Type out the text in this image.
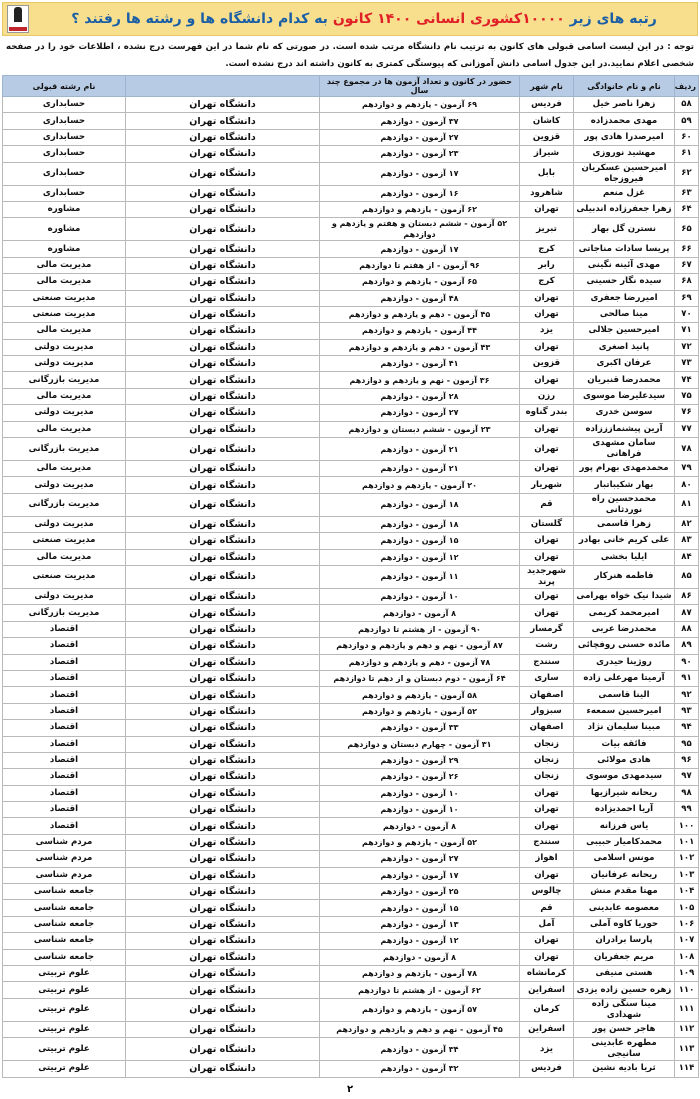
رتبه های زیر ۱۰۰۰۰کشوری انسانی ۱۴۰۰ کانون به کدام دانشگاه ها و رشته ها رفتند ؟
توجه : در این لیست اسامی قبولی های کانون به ترتیب نام دانشگاه مرتب شده است. در صورتی که نام شما در این فهرست درج نشده ، اطلاعات خود را در صفحه شخصی اعلام نمایید.در این جدول اسامی دانش آموزانی که پیوستگی کمتری به کانون داشته اند درج نشده است.
ردیف	نام و نام خانوادگی	نام شهر	حضور در کانون و تعداد آزمون ها در مجموع چند سال		نام رشته قبولی
۵۸	زهرا ناصر خیل	فردیس	۶۹ آزمون - یازدهم و دوازدهم	دانشگاه تهران	حسابداری
۵۹	مهدی محمدزاده	کاشان	۳۷ آزمون - دوازدهم	دانشگاه تهران	حسابداری
۶۰	امیرصدرا هادی پور	قزوین	۲۷ آزمون - دوازدهم	دانشگاه تهران	حسابداری
۶۱	مهشید نوروزی	شیراز	۲۳ آزمون - دوازدهم	دانشگاه تهران	حسابداری
۶۲	امیرحسین عسکریان فیروزجاه	بابل	۱۷ آزمون - دوازدهم	دانشگاه تهران	حسابداری
۶۳	غزل منعم	شاهرود	۱۶ آزمون - دوازدهم	دانشگاه تهران	حسابداری
۶۴	زهرا جعفرزاده اندبیلی	تهران	۶۲ آزمون - یازدهم و دوازدهم	دانشگاه تهران	مشاوره
۶۵	نسترن گل بهار	تبریز	۵۲ آزمون - ششم دبستان و هفتم و یازدهم و دوازدهم	دانشگاه تهران	مشاوره
۶۶	پریسا سادات مناجاتی	کرج	۱۷ آزمون - دوازدهم	دانشگاه تهران	مشاوره
۶۷	مهدی آئینه نگینی	رابر	۹۶ آزمون - از هفتم تا دوازدهم	دانشگاه تهران	مدیریت مالی
۶۸	سیده نگار حسینی	کرج	۶۵ آزمون - یازدهم و دوازدهم	دانشگاه تهران	مدیریت مالی
۶۹	امیررضا جعفری	تهران	۴۸ آزمون - دوازدهم	دانشگاه تهران	مدیریت صنعتی
۷۰	مینا صالحی	تهران	۴۵ آزمون - دهم و یازدهم و دوازدهم	دانشگاه تهران	مدیریت صنعتی
۷۱	امیرحسین جلالی	یزد	۴۴ آزمون - یازدهم و دوازدهم	دانشگاه تهران	مدیریت مالی
۷۲	پانیذ اصغری	تهران	۴۳ آزمون - دهم و یازدهم و دوازدهم	دانشگاه تهران	مدیریت دولتی
۷۳	عرفان اکبری	قزوین	۴۱ آزمون - دوازدهم	دانشگاه تهران	مدیریت دولتی
۷۴	محمدرضا قنبریان	تهران	۳۶ آزمون - نهم و یازدهم و دوازدهم	دانشگاه تهران	مدیریت بازرگانی
۷۵	سیدعلیرضا موسوی	رزن	۲۸ آزمون - دوازدهم	دانشگاه تهران	مدیریت مالی
۷۶	سوسن خدری	بندر گناوه	۲۷ آزمون - دوازدهم	دانشگاه تهران	مدیریت دولتی
۷۷	آرین پیشنمازززاده	تهران	۲۳ آزمون - ششم دبستان و دوازدهم	دانشگاه تهران	مدیریت مالی
۷۸	سامان مشهدی فراهانی	تهران	۲۱ آزمون - دوازدهم	دانشگاه تهران	مدیریت بازرگانی
۷۹	محمدمهدی بهرام پور	تهران	۲۱ آزمون - دوازدهم	دانشگاه تهران	مدیریت مالی
۸۰	بهار شکیباتبار	شهریار	۲۰ آزمون - یازدهم و دوازدهم	دانشگاه تهران	مدیریت دولتی
۸۱	محمدحسین راه نوردثانی	قم	۱۸ آزمون - دوازدهم	دانشگاه تهران	مدیریت بازرگانی
۸۲	زهرا قاسمی	گلستان	۱۸ آزمون - دوازدهم	دانشگاه تهران	مدیریت دولتی
۸۳	علی کریم خانی بهادر	تهران	۱۵ آزمون - دوازدهم	دانشگاه تهران	مدیریت صنعتی
۸۴	ایلیا بخشی	تهران	۱۲ آزمون - دوازدهم	دانشگاه تهران	مدیریت مالی
۸۵	فاطمه هنرکار	شهرجدید پرند	۱۱ آزمون - دوازدهم	دانشگاه تهران	مدیریت صنعتی
۸۶	شیدا نیک خواه بهرامی	تهران	۱۰ آزمون - دوازدهم	دانشگاه تهران	مدیریت دولتی
۸۷	امیرمحمد کریمی	تهران	۸ آزمون - دوازدهم	دانشگاه تهران	مدیریت بازرگانی
۸۸	محمدرضا عربی	گرمسار	۹۰ آزمون - از هشتم تا دوازدهم	دانشگاه تهران	اقتصاد
۸۹	مائده حسنی روفچائی	رشت	۸۷ آزمون - نهم و دهم و یازدهم و دوازدهم	دانشگاه تهران	اقتصاد
۹۰	روژینا حیدری	سنندج	۷۸ آزمون - دهم و یازدهم و دوازدهم	دانشگاه تهران	اقتصاد
۹۱	آرمیتا مهرعلی زاده	ساری	۶۴ آزمون - دوم دبستان و از دهم تا دوازدهم	دانشگاه تهران	اقتصاد
۹۲	الینا قاسمی	اصفهان	۵۸ آزمون - یازدهم و دوازدهم	دانشگاه تهران	اقتصاد
۹۳	امیرحسین سمعه‌ء	سبزوار	۵۲ آزمون - یازدهم و دوازدهم	دانشگاه تهران	اقتصاد
۹۴	مبینا سلیمان نژاد	اصفهان	۳۳ آزمون - دوازدهم	دانشگاه تهران	اقتصاد
۹۵	فائقه بیات	زنجان	۳۱ آزمون - چهارم دبستان و دوازدهم	دانشگاه تهران	اقتصاد
۹۶	هادی مولائی	زنجان	۲۹ آزمون - دوازدهم	دانشگاه تهران	اقتصاد
۹۷	سیدمهدی موسوی	زنجان	۲۶ آزمون - دوازدهم	دانشگاه تهران	اقتصاد
۹۸	ریحانه شیرازیها	تهران	۱۰ آزمون - دوازدهم	دانشگاه تهران	اقتصاد
۹۹	آریا احمدیزاده	تهران	۱۰ آزمون - دوازدهم	دانشگاه تهران	اقتصاد
۱۰۰	یاس فرزانه	تهران	۸ آزمون - دوازدهم	دانشگاه تهران	اقتصاد
۱۰۱	محمدکامیار حبیبی	سنندج	۵۲ آزمون - یازدهم و دوازدهم	دانشگاه تهران	مردم شناسی
۱۰۲	مونس اسلامی	اهواز	۲۷ آزمون - دوازدهم	دانشگاه تهران	مردم شناسی
۱۰۳	ریحانه عرفانیان	تهران	۱۷ آزمون - دوازدهم	دانشگاه تهران	مردم شناسی
۱۰۴	مهتا مقدم منش	چالوس	۲۵ آزمون - دوازدهم	دانشگاه تهران	جامعه شناسی
۱۰۵	معصومه عابدینی	قم	۱۵ آزمون - دوازدهم	دانشگاه تهران	جامعه شناسی
۱۰۶	حوریا کاوه آملی	آمل	۱۳ آزمون - دوازدهم	دانشگاه تهران	جامعه شناسی
۱۰۷	پارسا برادران	تهران	۱۲ آزمون - دوازدهم	دانشگاه تهران	جامعه شناسی
۱۰۸	مریم جعفریان	تهران	۸ آزمون - دوازدهم	دانشگاه تهران	جامعه شناسی
۱۰۹	هستی منیفی	کرمانشاه	۷۸ آزمون - یازدهم و دوازدهم	دانشگاه تهران	علوم تربیتی
۱۱۰	زهره حسین زاده یزدی	اسفراین	۶۲ آزمون - از هشتم تا دوازدهم	دانشگاه تهران	علوم تربیتی
۱۱۱	مینا سنگی زاده شهدادی	کرمان	۵۷ آزمون - یازدهم و دوازدهم	دانشگاه تهران	علوم تربیتی
۱۱۲	هاجر حسن پور	اسفراین	۴۵ آزمون - نهم و دهم و یازدهم و دوازدهم	دانشگاه تهران	علوم تربیتی
۱۱۳	مطهره عابدینی سانیجی	یزد	۳۴ آزمون - دوازدهم	دانشگاه تهران	علوم تربیتی
۱۱۴	ثریا بادیه نشین	فردیس	۳۲ آزمون - دوازدهم	دانشگاه تهران	علوم تربیتی
۲
